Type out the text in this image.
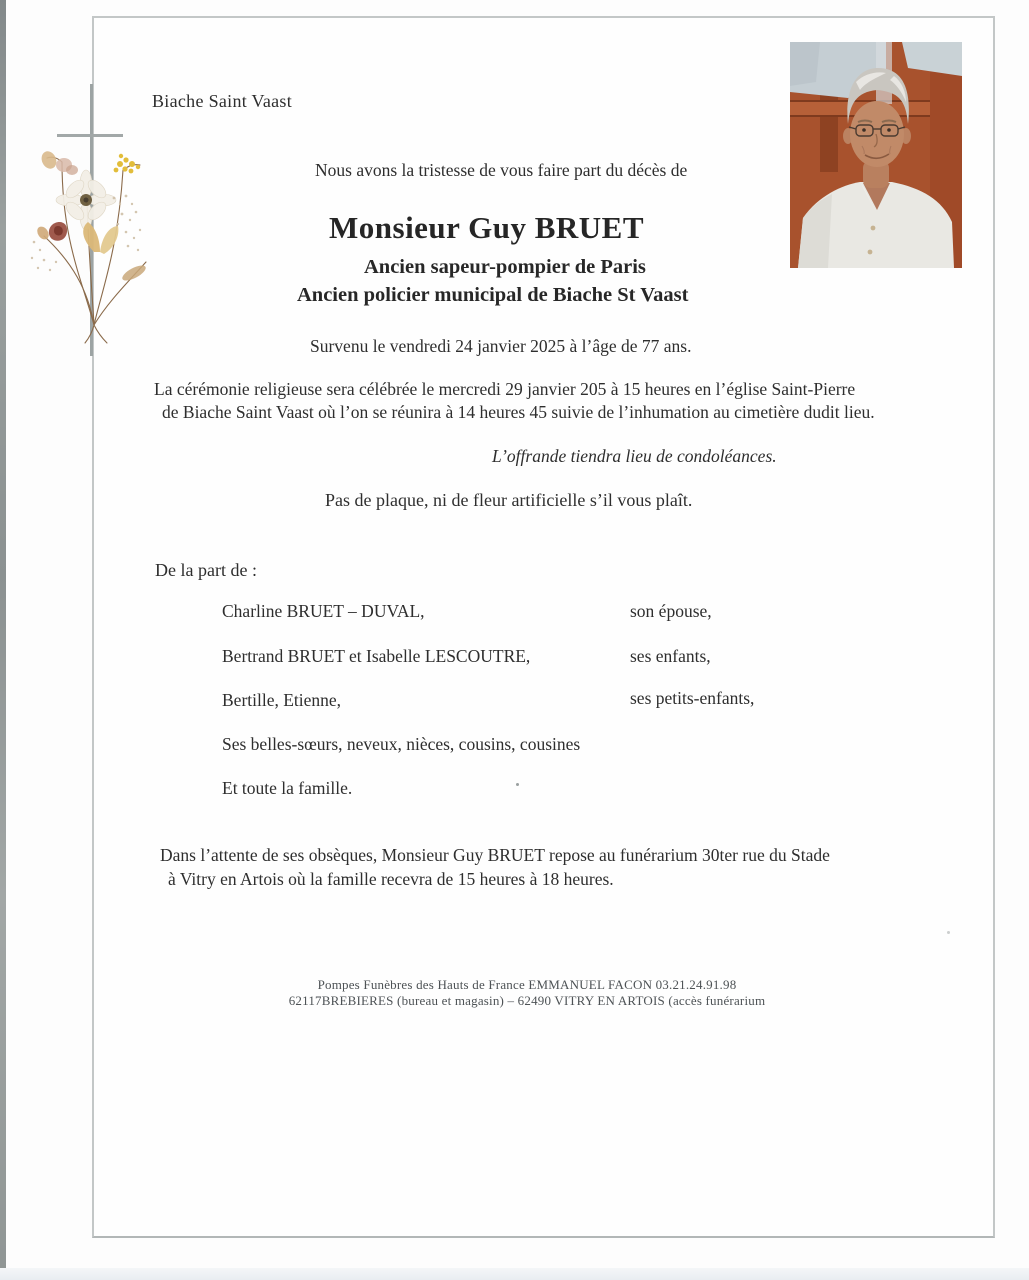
Biache Saint Vaast
Nous avons la tristesse de vous faire part du décès de
Monsieur Guy BRUET
Ancien sapeur-pompier de Paris
Ancien policier municipal de Biache St Vaast
Survenu le vendredi 24 janvier 2025 à l’âge de 77 ans.
La cérémonie religieuse sera célébrée le mercredi 29 janvier 205 à 15 heures en l’église Saint-Pierre
de Biache Saint Vaast où l’on se réunira à 14 heures 45 suivie de l’inhumation au cimetière dudit lieu.
L’offrande tiendra lieu de condoléances.
Pas de plaque, ni de fleur artificielle s’il vous plaît.
De la part de :
Charline BRUET – DUVAL,	son épouse,
Bertrand BRUET et Isabelle LESCOUTRE,	ses enfants,
Bertille, Etienne,	ses petits-enfants,
Ses belles-sœurs, neveux, nièces, cousins, cousines
Et toute la famille.
Dans l’attente de ses obsèques, Monsieur Guy BRUET repose au funérarium 30ter rue du Stade
à Vitry en Artois où la famille recevra de 15 heures à 18 heures.
Pompes Funèbres des Hauts de France EMMANUEL FACON 03.21.24.91.98
62117BREBIERES (bureau et magasin) – 62490 VITRY EN ARTOIS (accès funérarium
